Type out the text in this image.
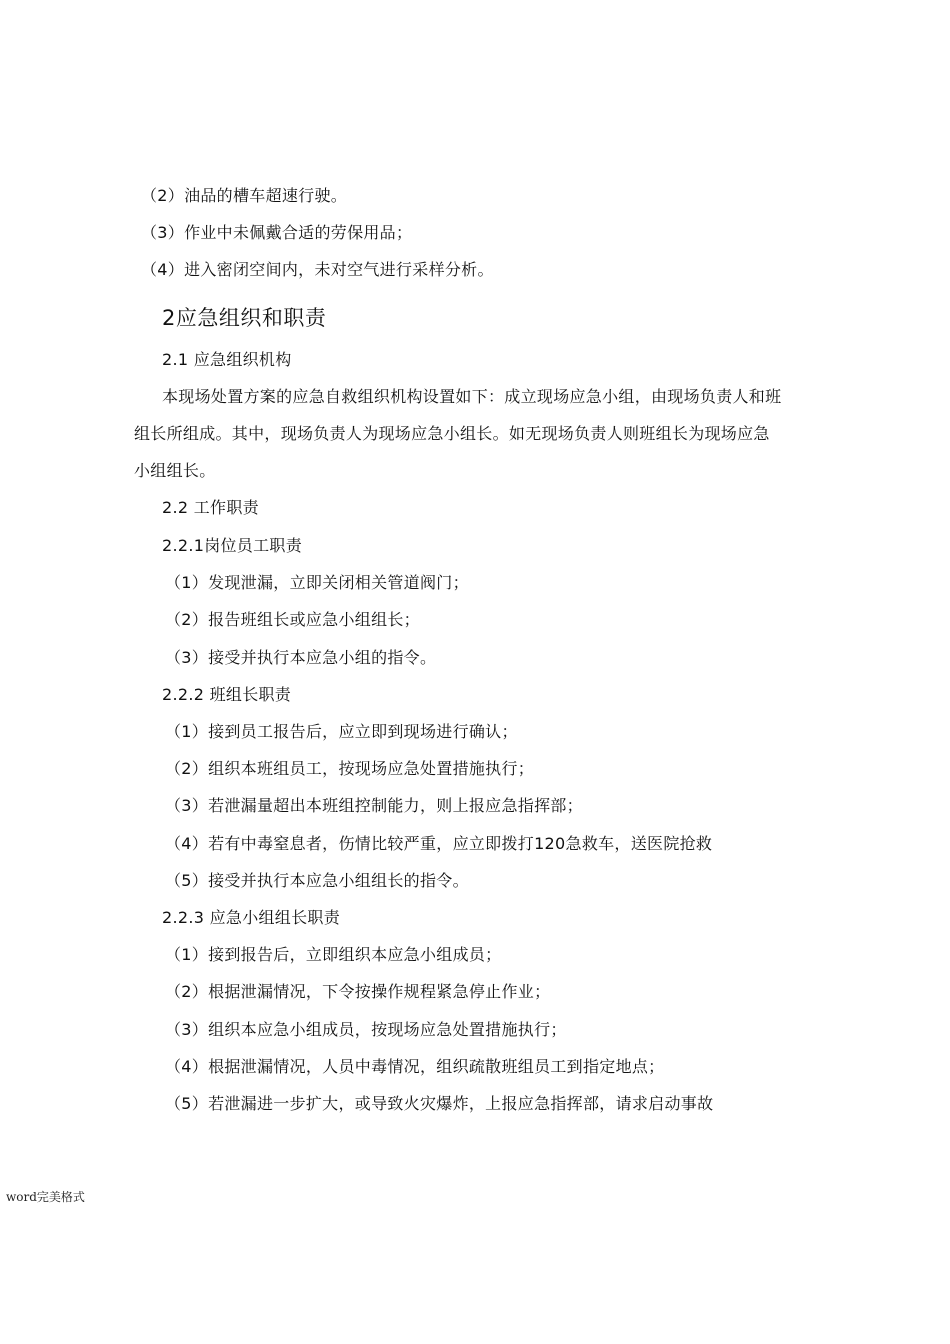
（2）油品的槽车超速行驶。
（3）作业中未佩戴合适的劳保用品；
（4）进入密闭空间内，未对空气进行采样分析。
2应急组织和职责
2.1 应急组织机构
本现场处置方案的应急自救组织机构设置如下：成立现场应急小组，由现场负责人和班
组长所组成。其中，现场负责人为现场应急小组长。如无现场负责人则班组长为现场应急
小组组长。
2.2 工作职责
2.2.1岗位员工职责
（1）发现泄漏，立即关闭相关管道阀门；
（2）报告班组长或应急小组组长；
（3）接受并执行本应急小组的指令。
2.2.2 班组长职责
（1）接到员工报告后，应立即到现场进行确认；
（2）组织本班组员工，按现场应急处置措施执行；
（3）若泄漏量超出本班组控制能力，则上报应急指挥部；
（4）若有中毒窒息者，伤情比较严重，应立即拨打120急救车，送医院抢救
（5）接受并执行本应急小组组长的指令。
2.2.3 应急小组组长职责
（1）接到报告后，立即组织本应急小组成员；
（2）根据泄漏情况，下令按操作规程紧急停止作业；
（3）组织本应急小组成员，按现场应急处置措施执行；
（4）根据泄漏情况，人员中毒情况，组织疏散班组员工到指定地点；
（5）若泄漏进一步扩大，或导致火灾爆炸，上报应急指挥部，请求启动事故
word完美格式
